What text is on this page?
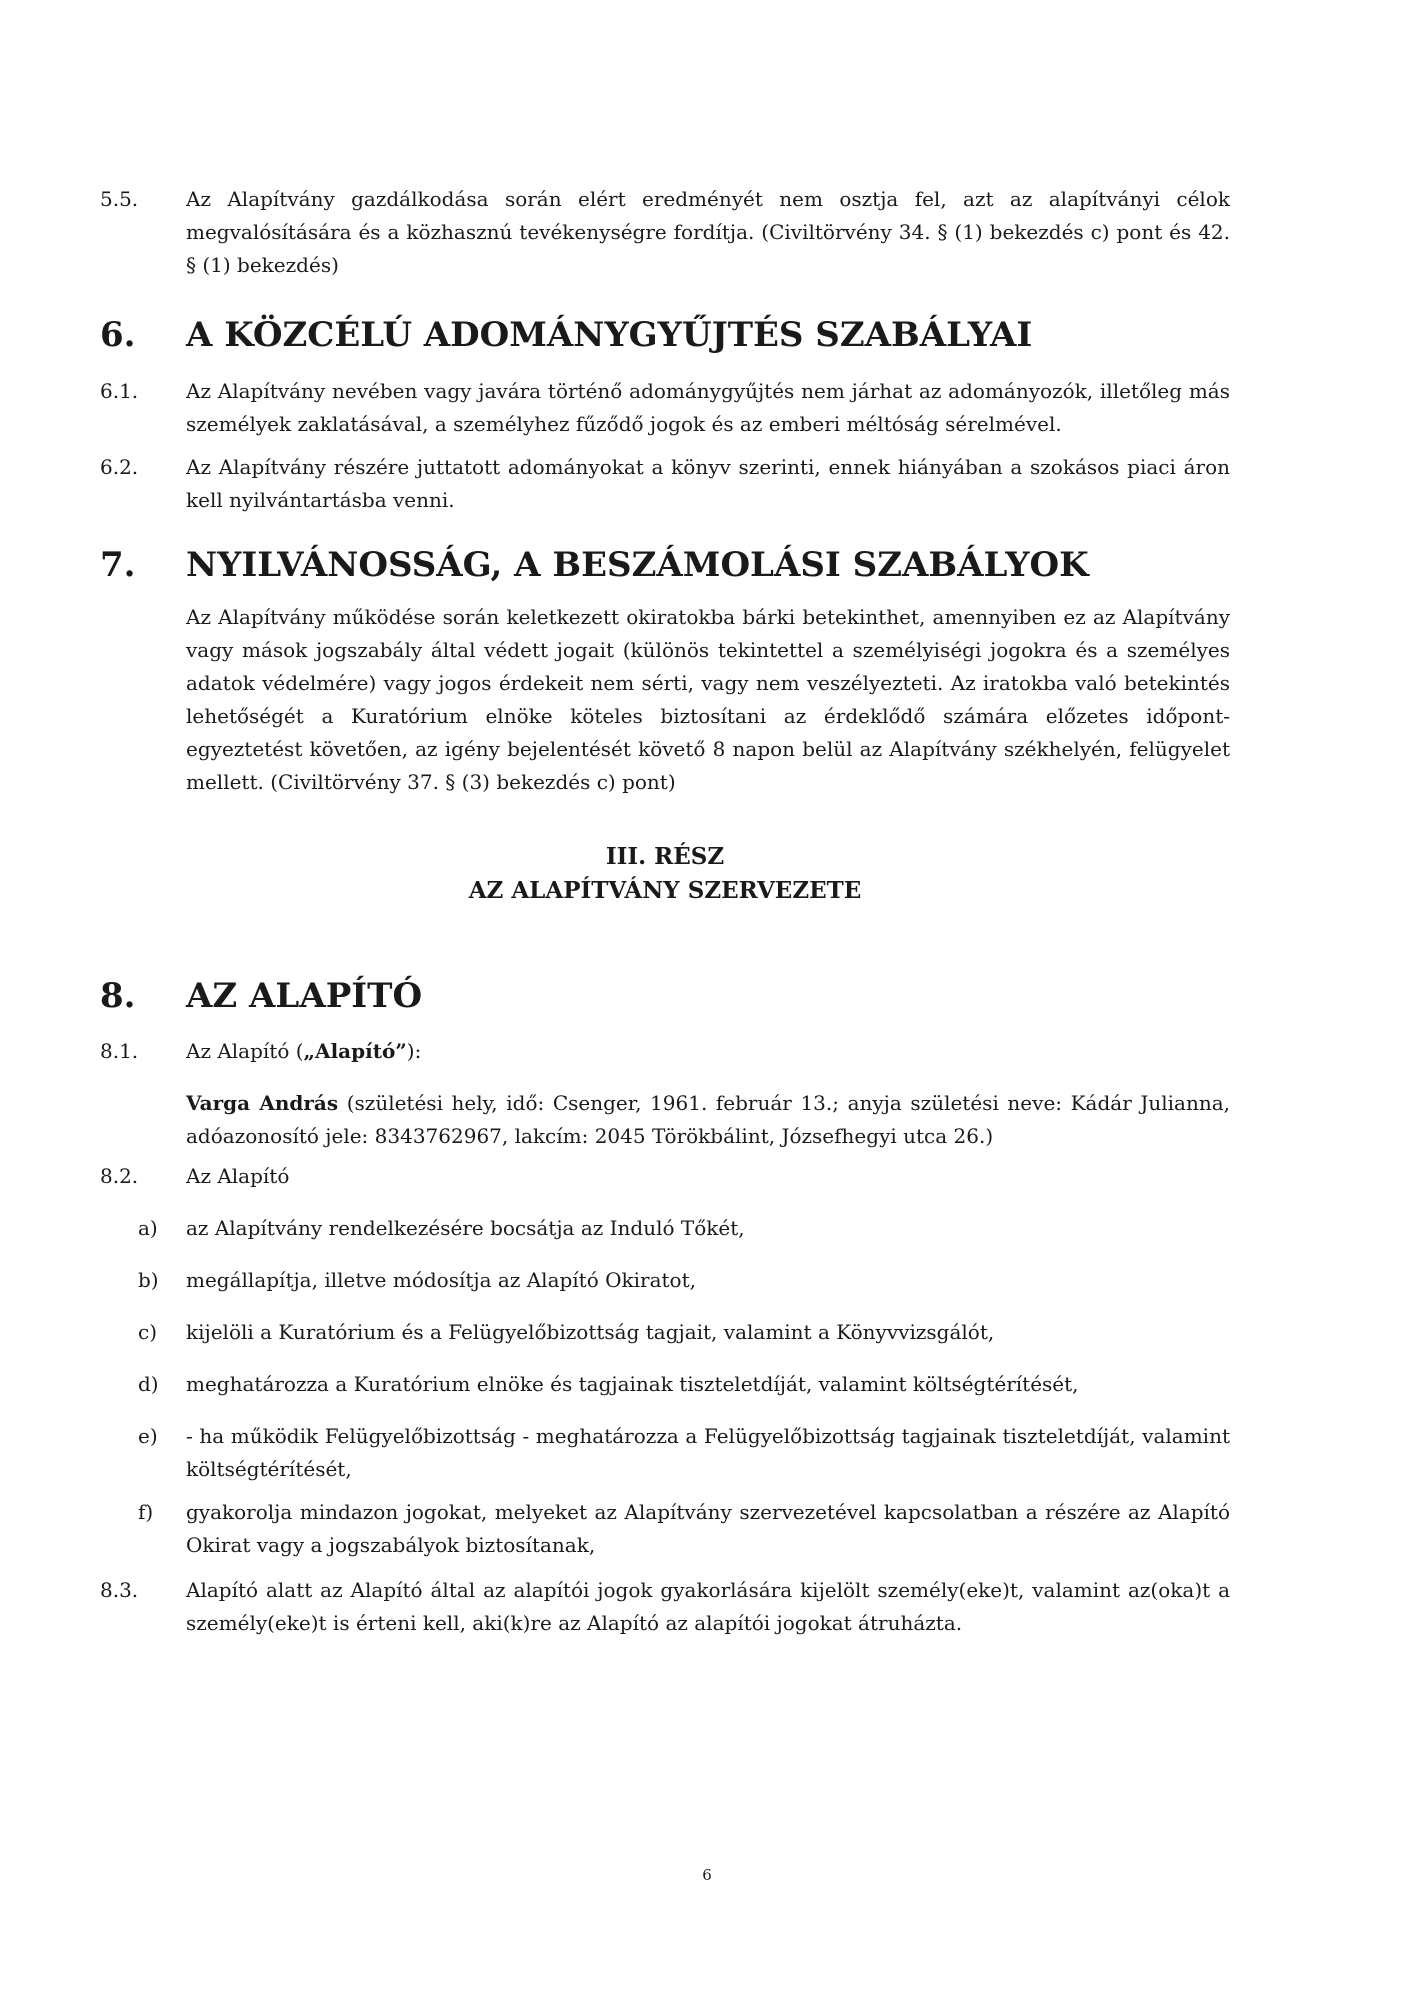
5.5. Az Alapítvány gazdálkodása során elért eredményét nem osztja fel, azt az alapítványi célok megvalósítására és a közhasznú tevékenységre fordítja. (Civiltörvény 34. § (1) bekezdés c) pont és 42. § (1) bekezdés)
6. A KÖZCÉLÚ ADOMÁNYGYŰJTÉS SZABÁLYAI
6.1. Az Alapítvány nevében vagy javára történő adománygyűjtés nem járhat az adományozók, illetőleg más személyek zaklatásával, a személyhez fűződő jogok és az emberi méltóság sérelmével.
6.2. Az Alapítvány részére juttatott adományokat a könyv szerinti, ennek hiányában a szokásos piaci áron kell nyilvántartásba venni.
7. NYILVÁNOSSÁG, A BESZÁMOLÁSI SZABÁLYOK
Az Alapítvány működése során keletkezett okiratokba bárki betekinthet, amennyiben ez az Alapítvány vagy mások jogszabály által védett jogait (különös tekintettel a személyiségi jogokra és a személyes adatok védelmére) vagy jogos érdekeit nem sérti, vagy nem veszélyezteti. Az iratokba való betekintés lehetőségét a Kuratórium elnöke köteles biztosítani az érdeklődő számára előzetes időpont-egyeztetést követően, az igény bejelentését követő 8 napon belül az Alapítvány székhelyén, felügyelet mellett. (Civiltörvény 37. § (3) bekezdés c) pont)
III. RÉSZ
AZ ALAPÍTVÁNY SZERVEZETE
8. AZ ALAPÍTÓ
8.1. Az Alapító („Alapító”):
Varga András (születési hely, idő: Csenger, 1961. február 13.; anyja születési neve: Kádár Julianna, adóazonosító jele: 8343762967, lakcím: 2045 Törökbálint, Józsefhegyi utca 26.)
8.2. Az Alapító
a) az Alapítvány rendelkezésére bocsátja az Induló Tőkét,
b) megállapítja, illetve módosítja az Alapító Okiratot,
c) kijelöli a Kuratórium és a Felügyelőbizottság tagjait, valamint a Könyvvizsgálót,
d) meghatározza a Kuratórium elnöke és tagjainak tiszteletdíját, valamint költségtérítését,
e) - ha működik Felügyelőbizottság - meghatározza a Felügyelőbizottság tagjainak tiszteletdíját, valamint költségtérítését,
f) gyakorolja mindazon jogokat, melyeket az Alapítvány szervezetével kapcsolatban a részére az Alapító Okirat vagy a jogszabályok biztosítanak,
8.3. Alapító alatt az Alapító által az alapítói jogok gyakorlására kijelölt személy(eke)t, valamint az(oka)t a személy(eke)t is érteni kell, aki(k)re az Alapító az alapítói jogokat átruházta.
6
